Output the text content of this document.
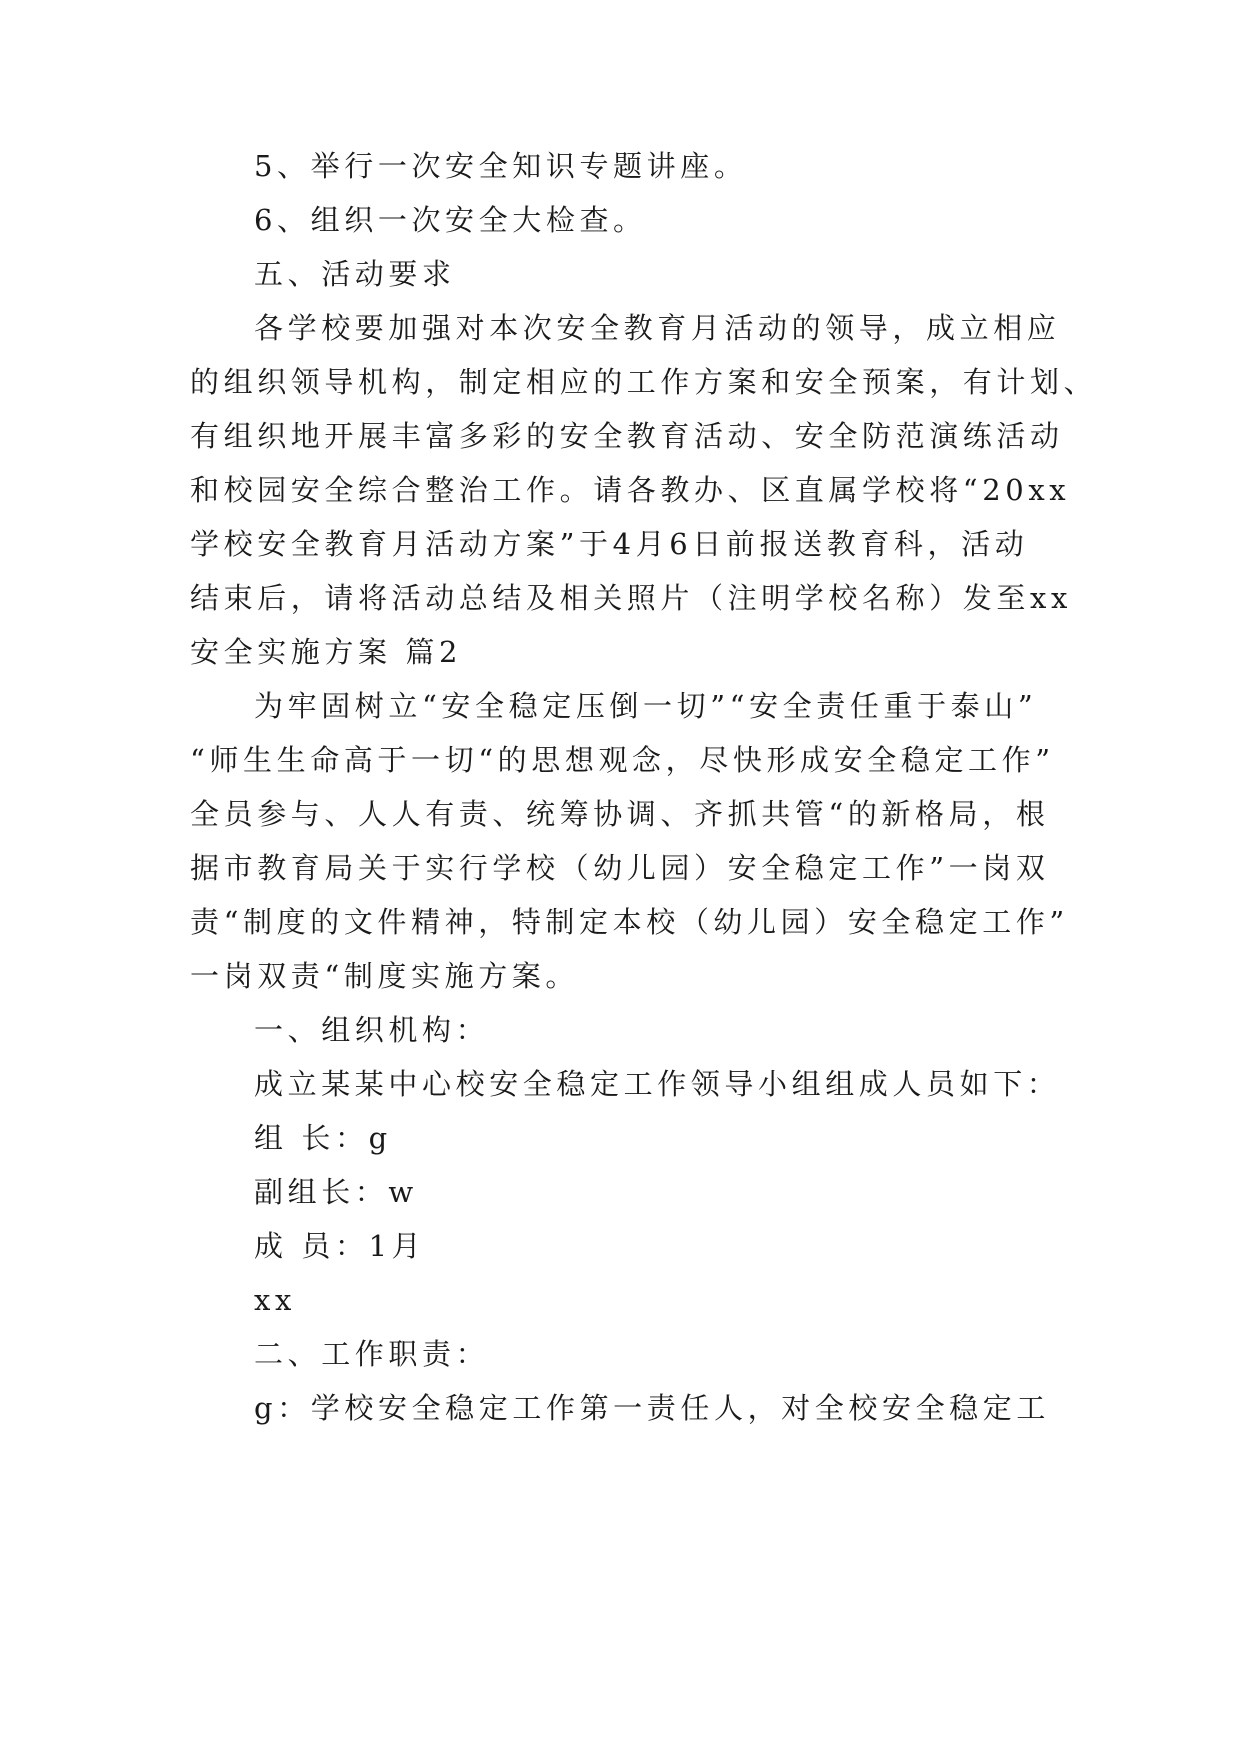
5、举行一次安全知识专题讲座。
6、组织一次安全大检查。
五、活动要求
各学校要加强对本次安全教育月活动的领导，成立相应
的组织领导机构，制定相应的工作方案和安全预案，有计划、
有组织地开展丰富多彩的安全教育活动、安全防范演练活动
和校园安全综合整治工作。请各教办、区直属学校将“20xx
学校安全教育月活动方案”于4月6日前报送教育科，活动
结束后，请将活动总结及相关照片（注明学校名称）发至xx
安全实施方案 篇2
为牢固树立“安全稳定压倒一切”“安全责任重于泰山”
“师生生命高于一切“的思想观念，尽快形成安全稳定工作”
全员参与、人人有责、统筹协调、齐抓共管“的新格局，根
据市教育局关于实行学校（幼儿园）安全稳定工作”一岗双
责“制度的文件精神，特制定本校（幼儿园）安全稳定工作”
一岗双责“制度实施方案。
一、组织机构：
成立某某中心校安全稳定工作领导小组组成人员如下：
组 长：g
副组长：w
成 员：1月
xx
二、工作职责：
g：学校安全稳定工作第一责任人，对全校安全稳定工
